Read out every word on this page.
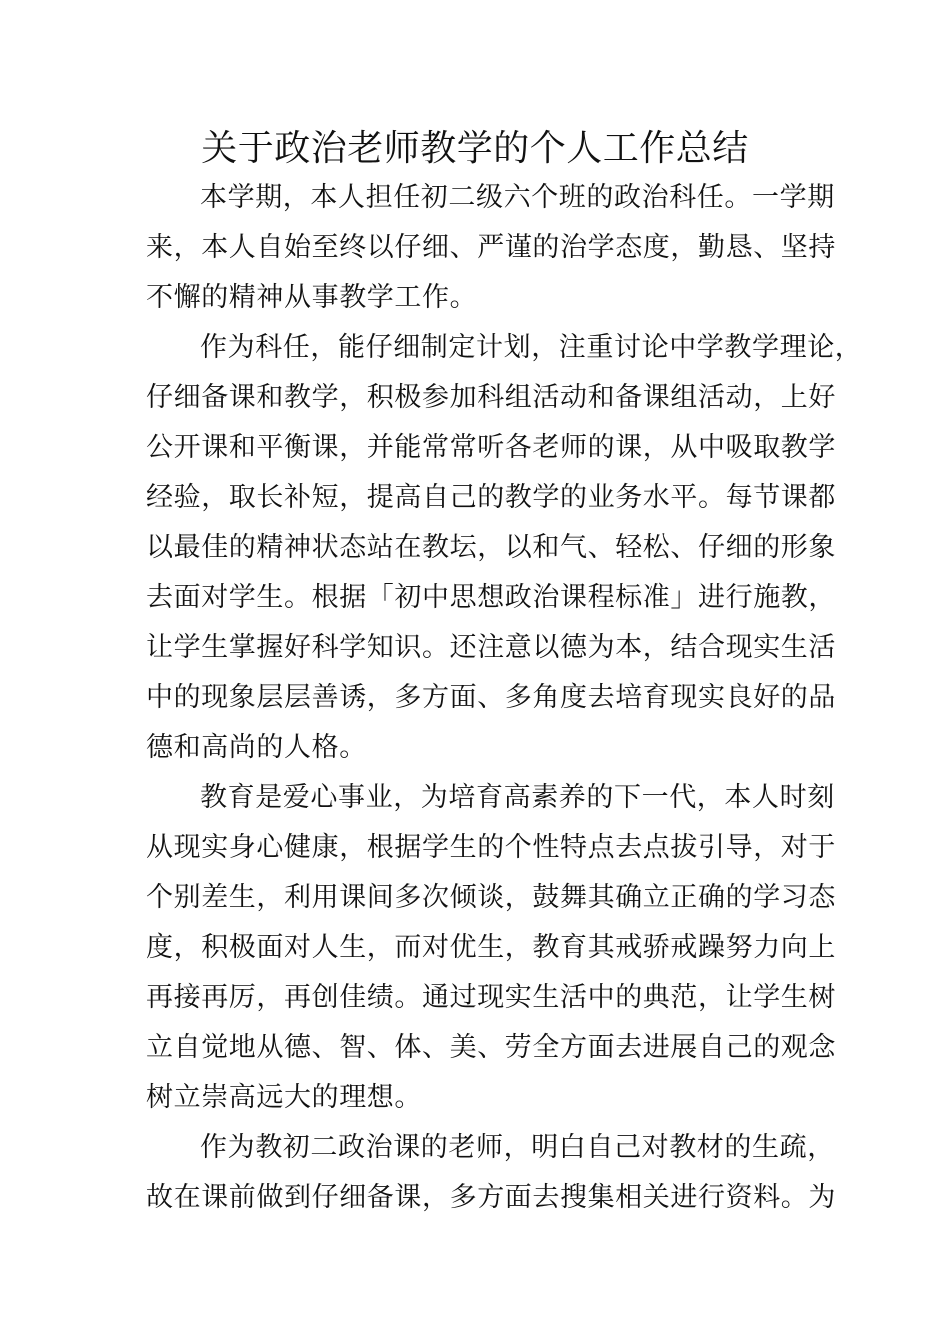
关于政治老师教学的个人工作总结
本学期，本人担任初二级六个班的政治科任。一学期
来，本人自始至终以仔细、严谨的治学态度，勤恳、坚持
不懈的精神从事教学工作。
作为科任，能仔细制定计划，注重讨论中学教学理论，
仔细备课和教学，积极参加科组活动和备课组活动，上好
公开课和平衡课，并能常常听各老师的课，从中吸取教学
经验，取长补短，提高自己的教学的业务水平。每节课都
以最佳的精神状态站在教坛，以和气、轻松、仔细的形象
去面对学生。根据「初中思想政治课程标准」进行施教，
让学生掌握好科学知识。还注意以德为本，结合现实生活
中的现象层层善诱，多方面、多角度去培育现实良好的品
德和高尚的人格。
教育是爱心事业，为培育高素养的下一代，本人时刻
从现实身心健康，根据学生的个性特点去点拔引导，对于
个别差生，利用课间多次倾谈，鼓舞其确立正确的学习态
度，积极面对人生，而对优生，教育其戒骄戒躁努力向上
再接再厉，再创佳绩。通过现实生活中的典范，让学生树
立自觉地从德、智、体、美、劳全方面去进展自己的观念
树立崇高远大的理想。
作为教初二政治课的老师，明白自己对教材的生疏，
故在课前做到仔细备课，多方面去搜集相关进行资料。为
